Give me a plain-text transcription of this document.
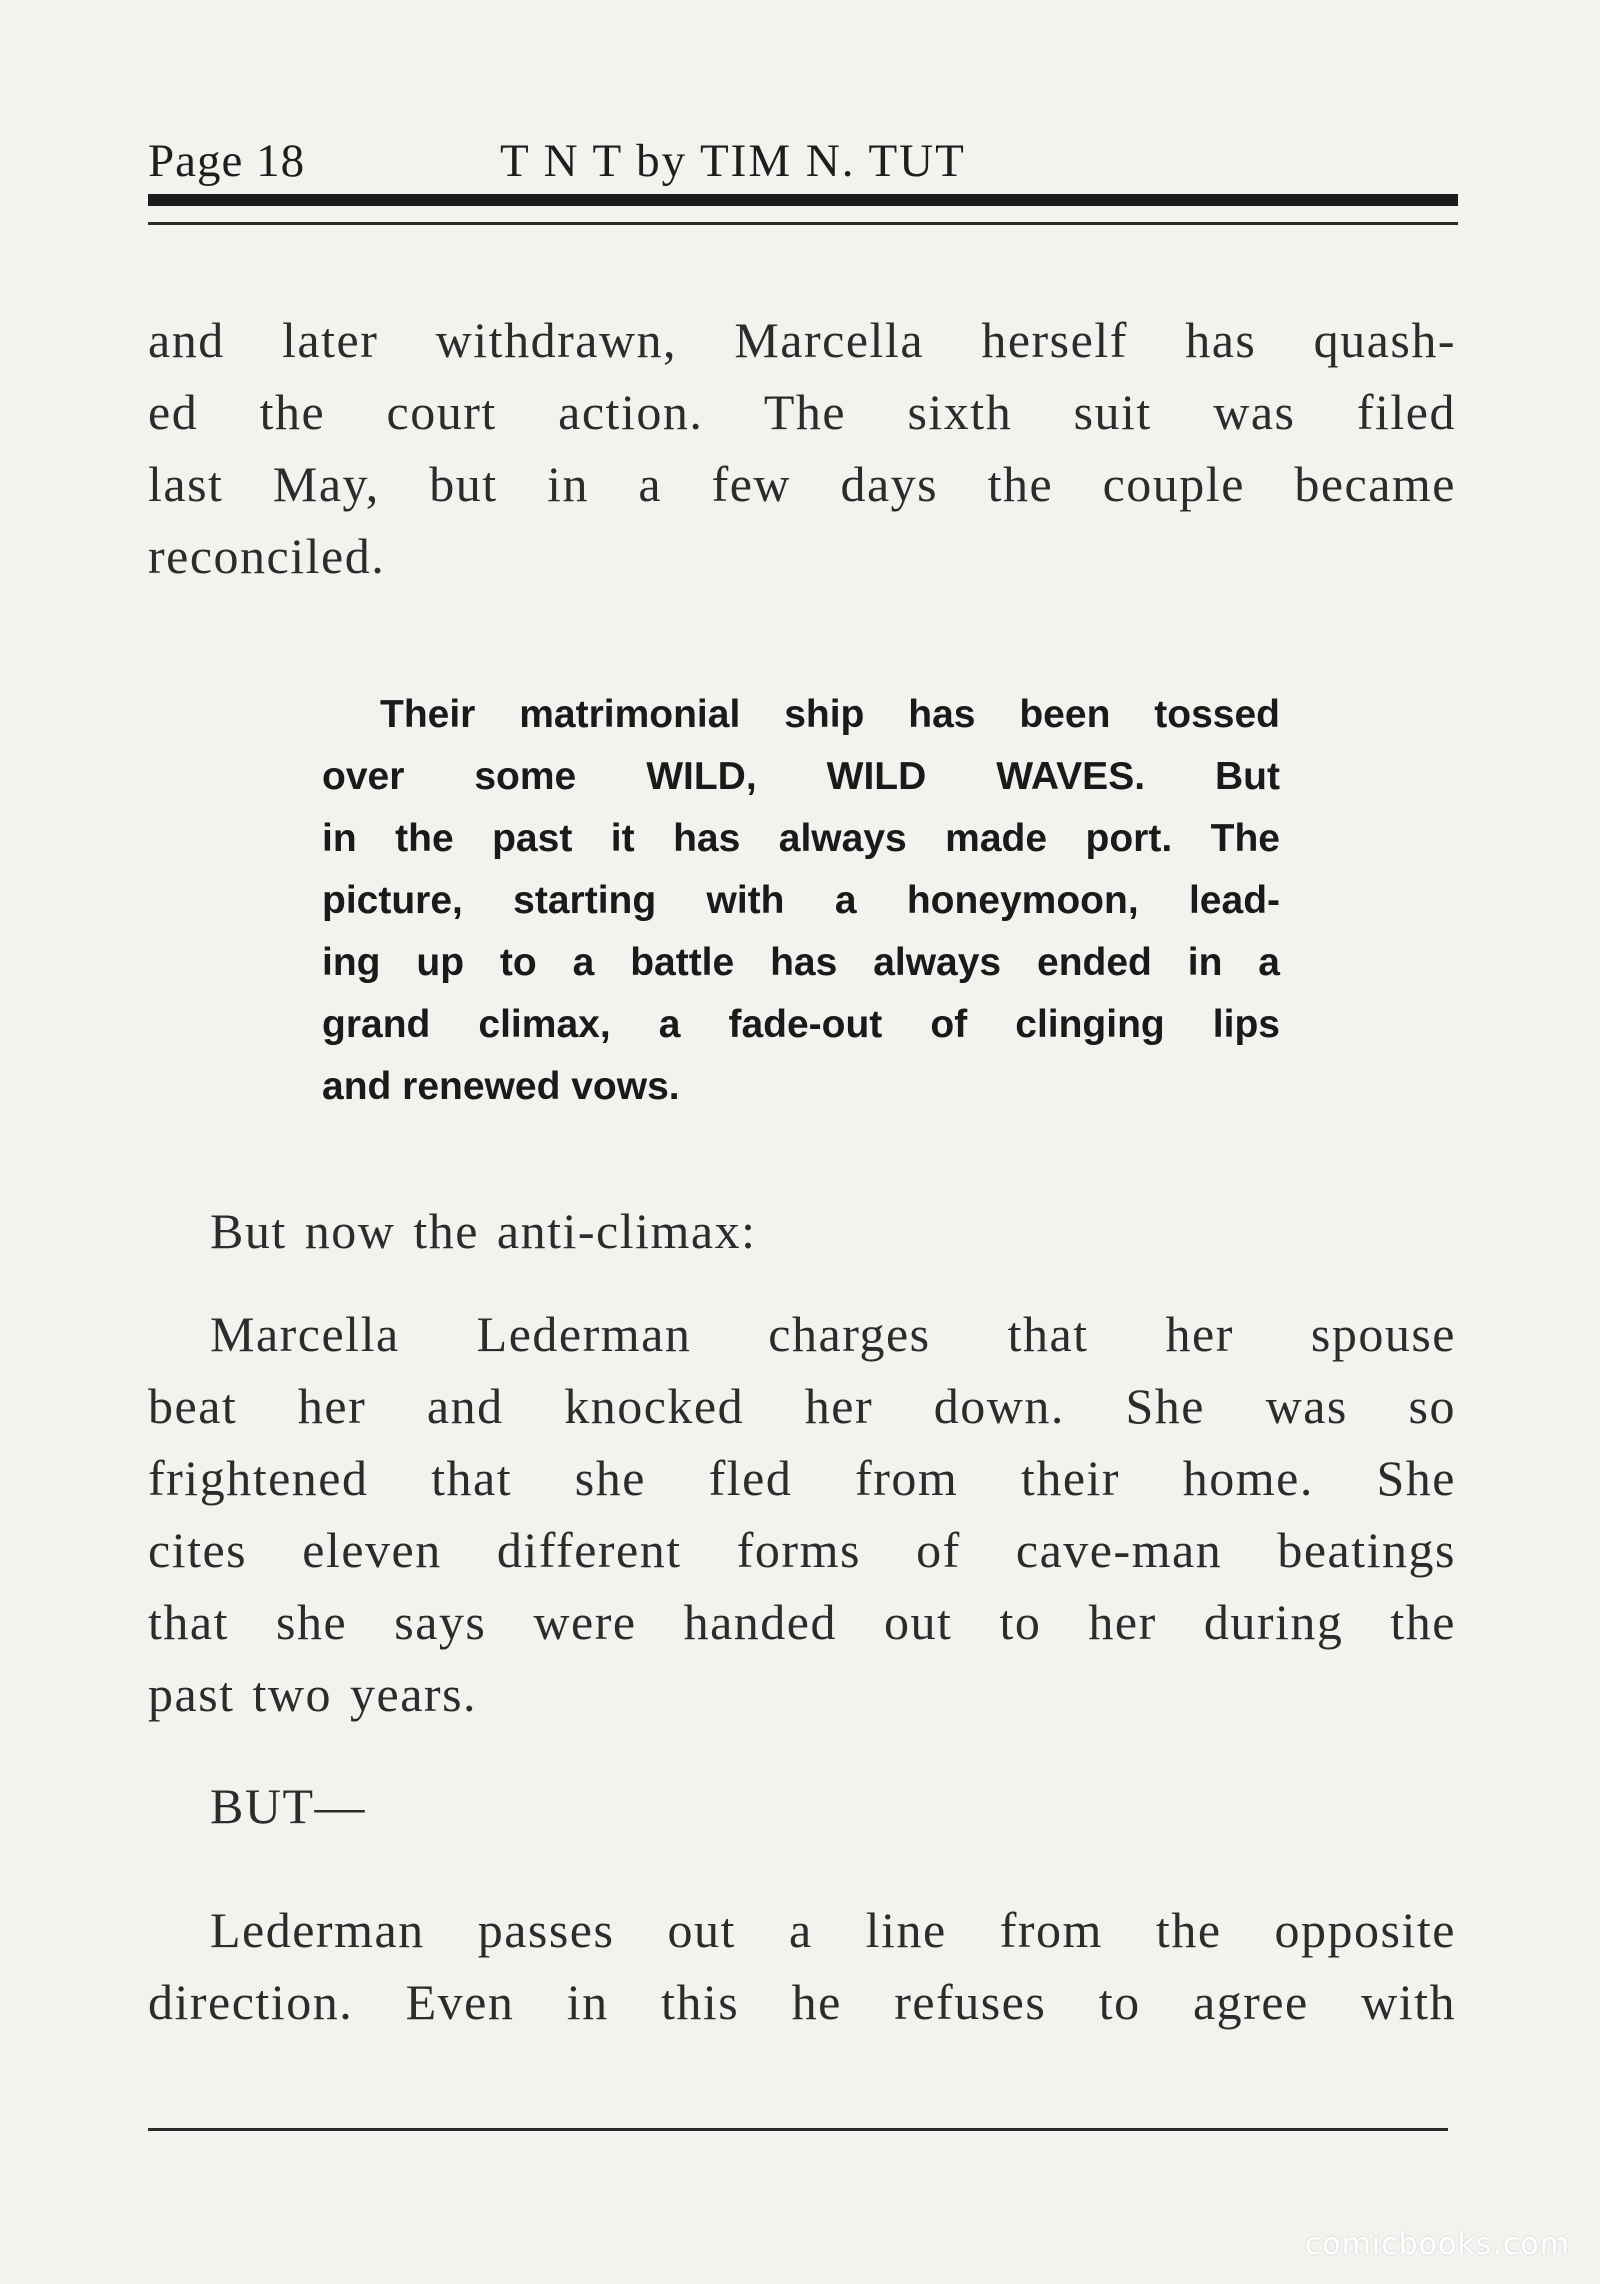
Page 18	T N T by TIM N. TUT
and later withdrawn, Marcella herself has quash-
ed the court action. The sixth suit was filed
last May, but in a few days the couple became
reconciled.
Their matrimonial ship has been tossed
over some WILD, WILD WAVES. But
in the past it has always made port. The
picture, starting with a honeymoon, lead-
ing up to a battle has always ended in a
grand climax, a fade-out of clinging lips
and renewed vows.
But now the anti-climax:
Marcella Lederman charges that her spouse
beat her and knocked her down. She was so
frightened that she fled from their home. She
cites eleven different forms of cave-man beatings
that she says were handed out to her during the
past two years.
BUT—
Lederman passes out a line from the opposite
direction. Even in this he refuses to agree with
comicbooks.com
